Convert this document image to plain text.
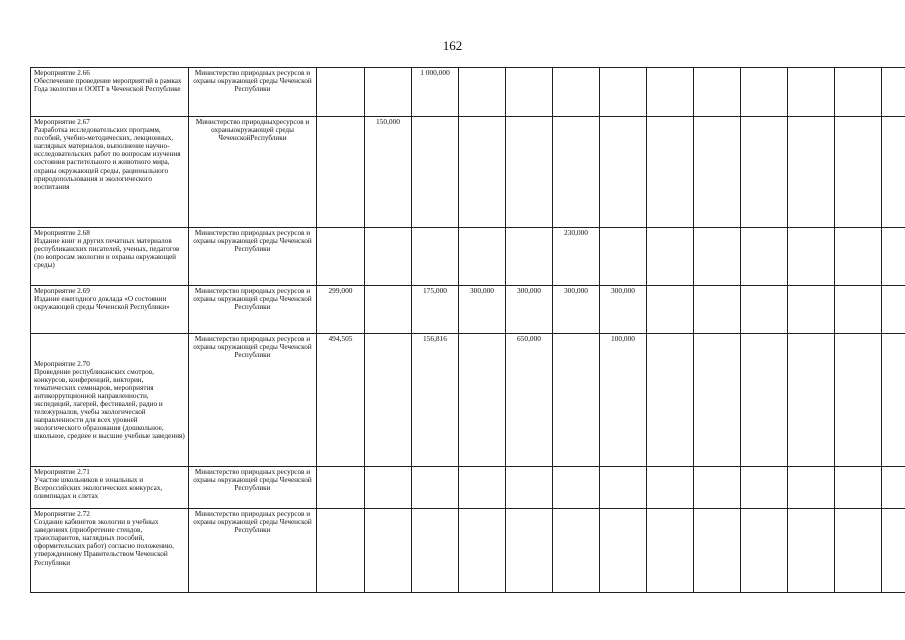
162
Мероприятие 2.66
Обеспечение проведение мероприятий в рамках Года экологии и ООПТ в Чеченской Республике	Министерство природных ресурсов и охраны окружающей среды Чеченской Республики			1 000,000										

Мероприятие 2.67
Разработка исследовательских программ, пособий, учебно-методических, лекционных, наглядных материалов, выполнение научно-исследовательских работ по вопросам изучения состояния растительного и животного мира, охраны окружающей среды, рационального природопользования и экологического воспитания	Министерство природныхресурсов и охраныокружающей среды ЧеченскойРеспублики		150,000											

Мероприятие 2.68
Издание книг и других печатных материалов республиканских писателей, ученых, педагогов (по вопросам экологии и охраны окружающей среды)	Министерство природных ресурсов и охраны окружающей среды Чеченской Республики						230,000							

Мероприятие 2.69
Издание ежегодного доклада «О состоянии окружающей среды Чеченской Республики»	Министерство природных ресурсов и охраны окружающей среды Чеченской Республики	299,000		175,000	300,000	300,000	300,000	300,000						

Мероприятие 2.70
Проведение республиканских смотров, конкурсов, конференций, викторин, тематических семинаров, мероприятия антикоррупционной направленности, экспедиций, лагерей, фестивалей, радио и тележурналов, учебы экологической направленности для всех уровней экологического образования (дошкольное, школьное, среднее и высшие учебные заведения)	Министерство природных ресурсов и охраны окружающей среды Чеченской Республики	494,505		156,816		650,000		100,000						

Мероприятие 2.71
Участие школьников в зональных и Всероссийских экологических конкурсах, олимпиадах и слетах	Министерство природных ресурсов и охраны окружающей среды Чеченской Республики													

Мероприятие 2.72
Создание кабинетов экологии в учебных заведениях (приобретение стендов, транспарантов, наглядных пособий, оформительских работ) согласно положению, утвержденному Правительством Чеченской Республики	Министерство природных ресурсов и охраны окружающей среды Чеченской Республики													
